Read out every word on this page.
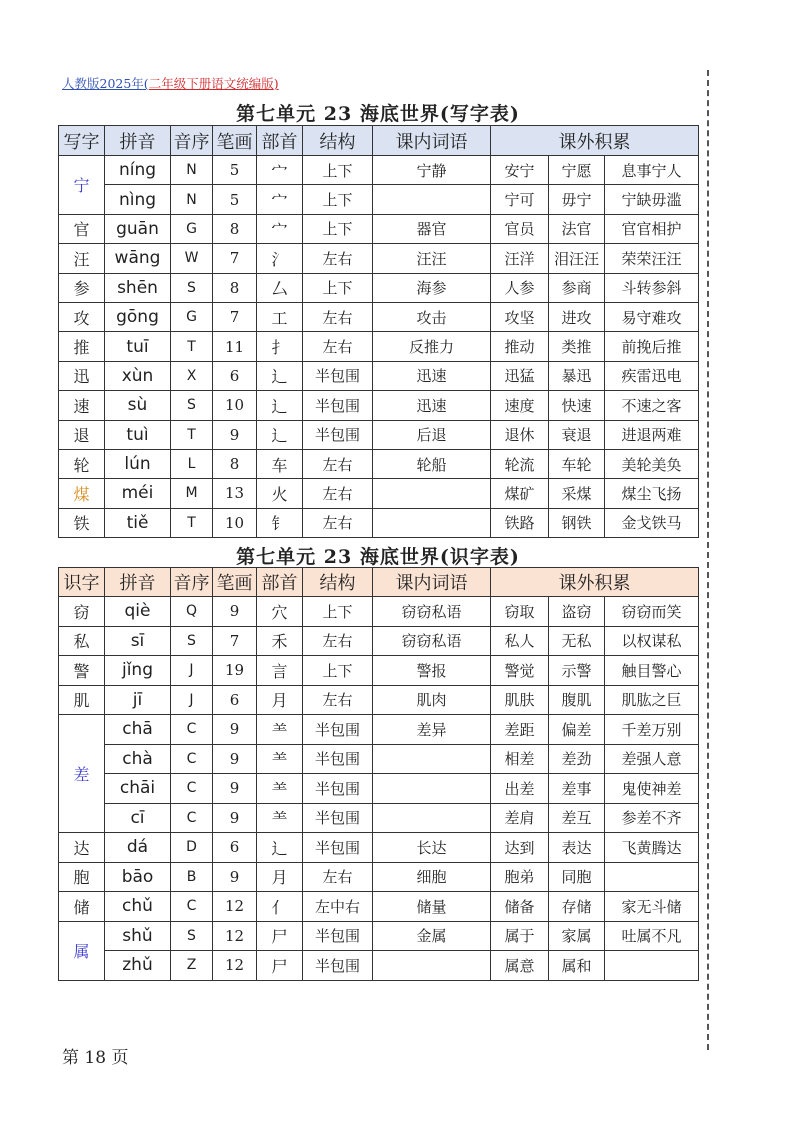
人教版2025年(二年级下册语文统编版)
第七单元 23 海底世界(写字表)
写字	拼音	音序	笔画	部首	结构	课内词语	课外积累		
宁	níng	N	5	宀	上下	宁静	安宁	宁愿	息事宁人
	nìng	N	5	宀	上下		宁可	毋宁	宁缺毋滥
官	guān	G	8	宀	上下	器官	官员	法官	官官相护
汪	wāng	W	7	氵	左右	汪汪	汪洋	泪汪汪	荣荣汪汪
参	shēn	S	8	厶	上下	海参	人参	参商	斗转参斜
攻	gōng	G	7	工	左右	攻击	攻坚	进攻	易守难攻
推	tuī	T	11	扌	左右	反推力	推动	类推	前挽后推
迅	xùn	X	6	辶	半包围	迅速	迅猛	暴迅	疾雷迅电
速	sù	S	10	辶	半包围	迅速	速度	快速	不速之客
退	tuì	T	9	辶	半包围	后退	退休	衰退	进退两难
轮	lún	L	8	车	左右	轮船	轮流	车轮	美轮美奂
煤	méi	M	13	火	左右		煤矿	采煤	煤尘飞扬
铁	tiě	T	10	钅	左右		铁路	钢铁	金戈铁马
第七单元 23 海底世界(识字表)
识字	拼音	音序	笔画	部首	结构	课内词语	课外积累		
窃	qiè	Q	9	穴	上下	窃窃私语	窃取	盗窃	窃窃而笑
私	sī	S	7	禾	左右	窃窃私语	私人	无私	以权谋私
警	jǐng	J	19	言	上下	警报	警觉	示警	触目警心
肌	jī	J	6	月	左右	肌肉	肌肤	腹肌	肌肱之巨
差	chā	C	9	⺷	半包围	差异	差距	偏差	千差万别
	chà	C	9	⺷	半包围		相差	差劲	差强人意
	chāi	C	9	⺷	半包围		出差	差事	鬼使神差
	cī	C	9	⺷	半包围		差肩	差互	参差不齐
达	dá	D	6	辶	半包围	长达	达到	表达	飞黄腾达
胞	bāo	B	9	月	左右	细胞	胞弟	同胞	
储	chǔ	C	12	亻	左中右	储量	储备	存储	家无斗储
属	shǔ	S	12	尸	半包围	金属	属于	家属	吐属不凡
	zhǔ	Z	12	尸	半包围		属意	属和	
第 18 页
